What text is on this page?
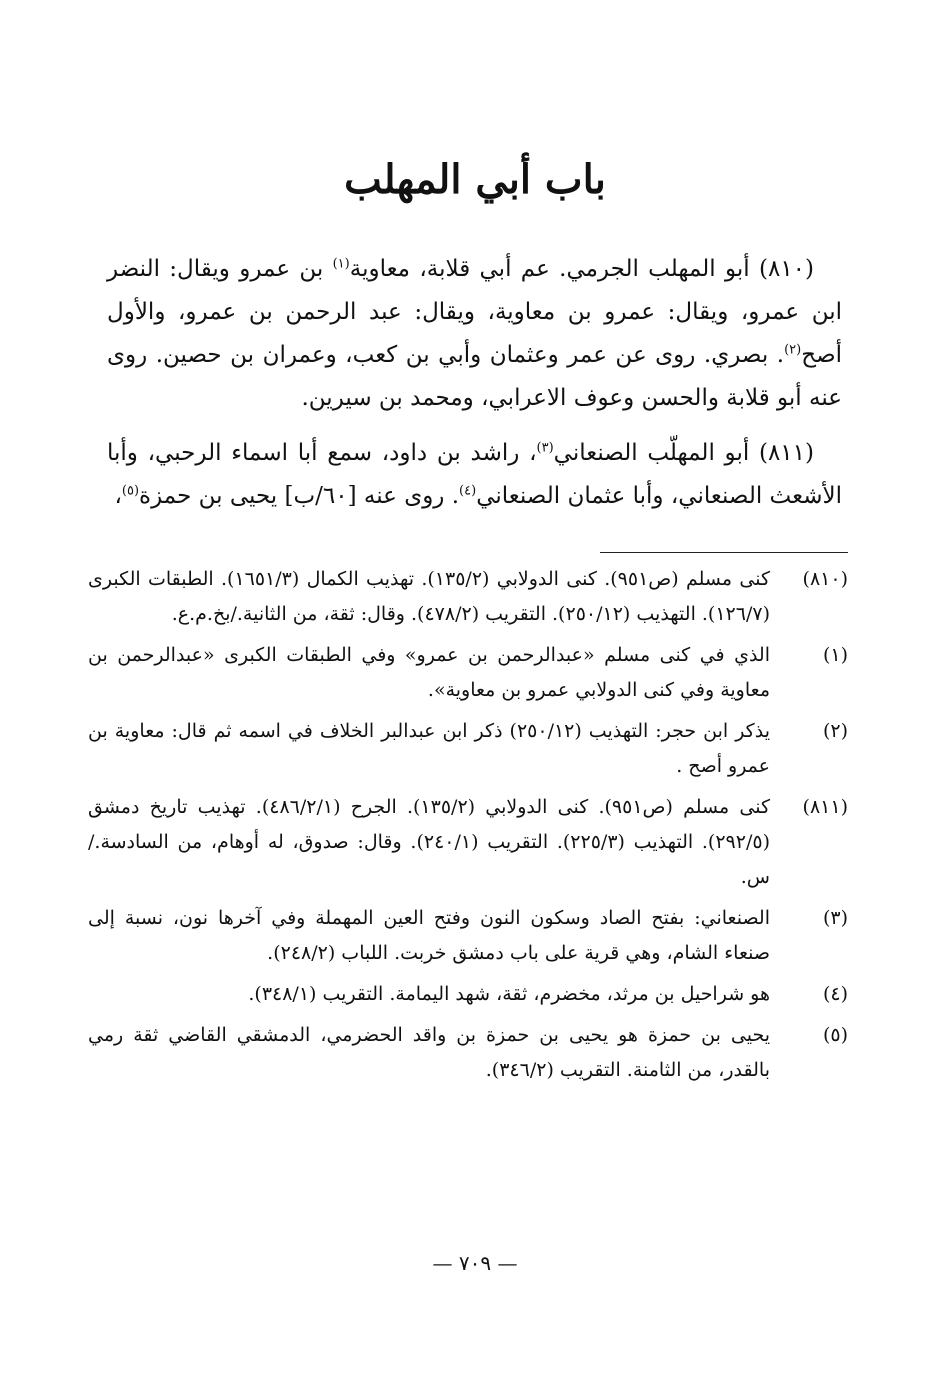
باب أبي المهلب

(٨١٠) أبو المهلب الجرمي. عم أبي قلابة، معاوية$^{(١)}$ بن عمرو ويقال: النضر ابن عمرو، ويقال: عمرو بن معاوية، ويقال: عبد الرحمن بن عمرو، والأول أصح$^{(٢)}$. بصري. روى عن عمر وعثمان وأبي بن كعب، وعمران بن حصين. روى عنه أبو قلابة والحسن وعوف الاعرابي، ومحمد بن سيرين.

(٨١١) أبو المهلّب الصنعاني$^{(٣)}$، راشد بن داود، سمع أبا اسماء الرحبي، وأبا الأشعث الصنعاني، وأبا عثمان الصنعاني$^{(٤)}$. روى عنه [٦٠/ب] يحيى بن حمزة$^{(٥)}$،

(٨١٠)
كنى مسلم (ص٩٥١). كنى الدولابي (١٣٥/٢). تهذيب الكمال (١٦٥١/٣). الطبقات الكبرى (١٢٦/٧). التهذيب (٢٥٠/١٢). التقريب (٤٧٨/٢). وقال: ثقة، من الثانية./بخ.م.ع.
(١)
الذي في كنى مسلم «عبدالرحمن بن عمرو» وفي الطبقات الكبرى «عبدالرحمن بن معاوية وفي كنى الدولابي عمرو بن معاوية».
(٢)
يذكر ابن حجر: التهذيب (٢٥٠/١٢) ذكر ابن عبدالبر الخلاف في اسمه ثم قال: معاوية بن عمرو أصح .
(٨١١)
كنى مسلم (ص٩٥١). كنى الدولابي (١٣٥/٢). الجرح (٤٨٦/٢/١). تهذيب تاريخ دمشق (٢٩٢/٥). التهذيب (٢٢٥/٣). التقريب (٢٤٠/١). وقال: صدوق، له أوهام، من السادسة./س.
(٣)
الصنعاني: بفتح الصاد وسكون النون وفتح العين المهملة وفي آخرها نون، نسبة إلى صنعاء الشام، وهي قرية على باب دمشق خربت. اللباب (٢٤٨/٢).
(٤)
هو شراحيل بن مرثد، مخضرم، ثقة، شهد اليمامة. التقريب (٣٤٨/١).
(٥)
يحيى بن حمزة هو يحيى بن حمزة بن واقد الحضرمي، الدمشقي القاضي ثقة رمي بالقدر، من الثامنة. التقريب (٣٤٦/٢).
— ٧٠٩ —
